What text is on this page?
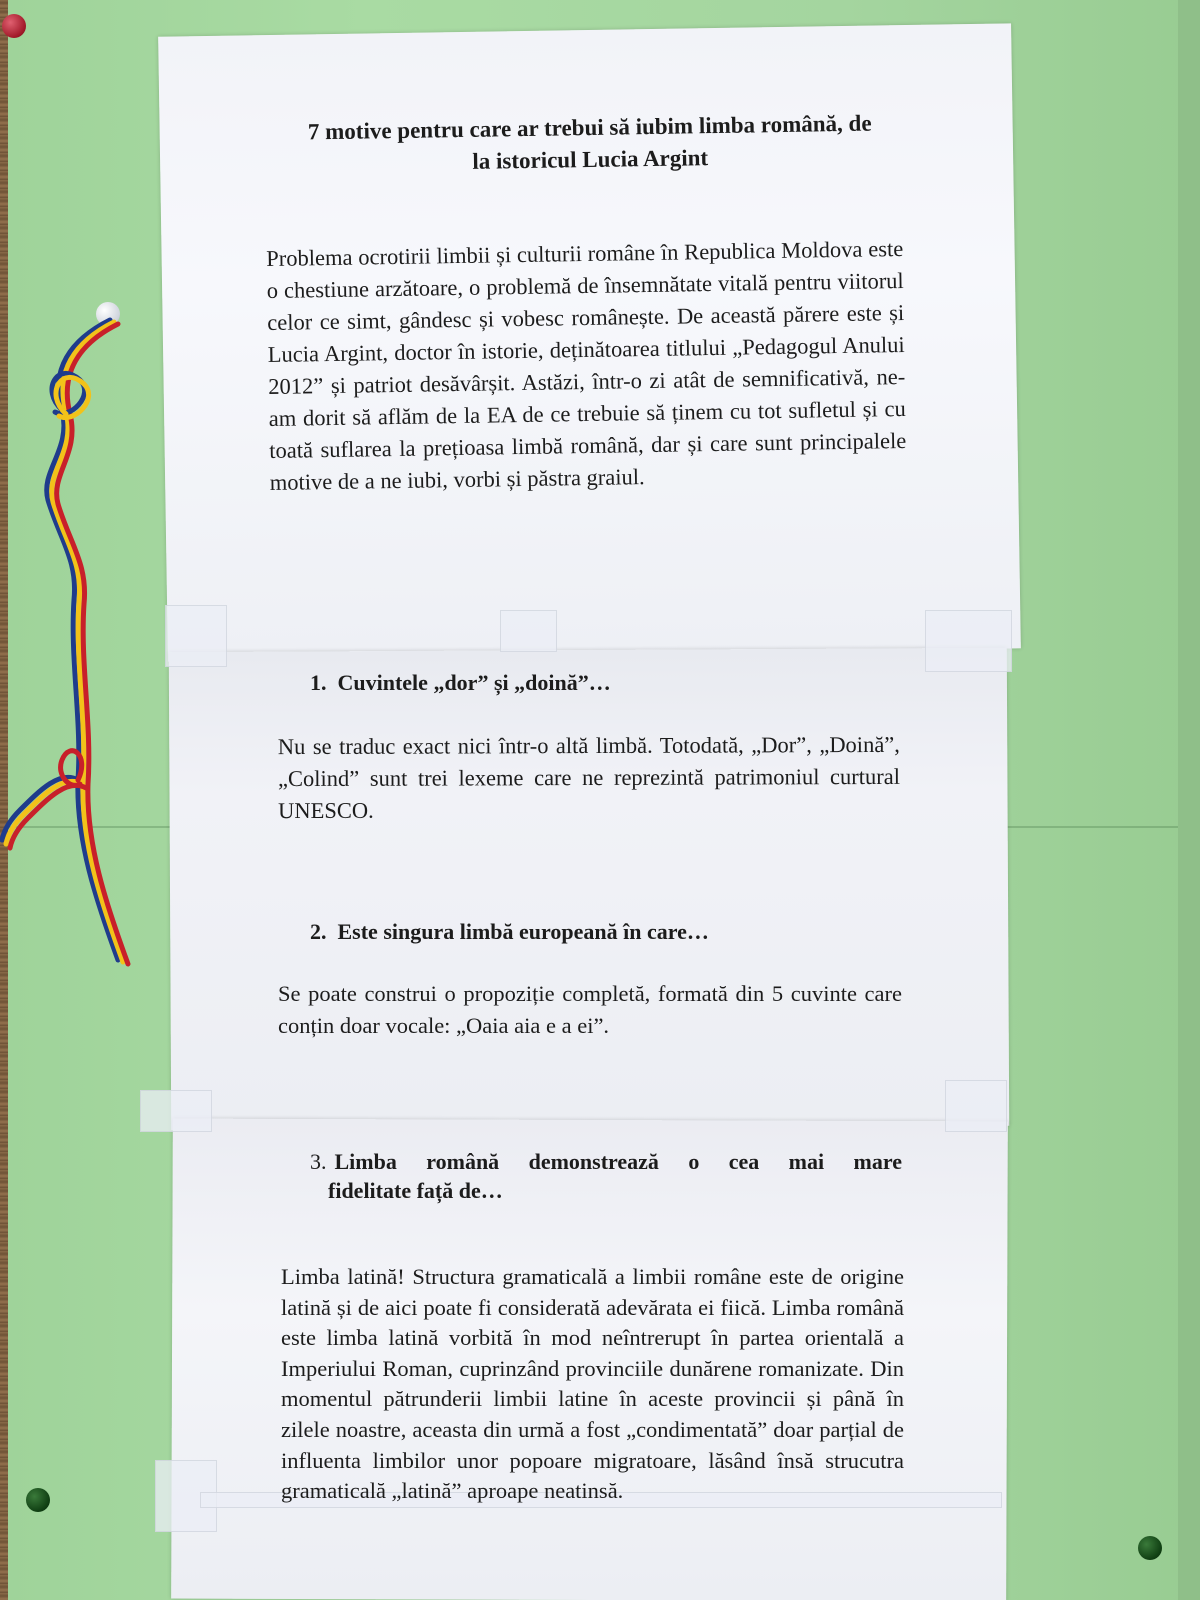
7 motive pentru care ar trebui să iubim limba română, de la istoricul Lucia Argint
Problema ocrotirii limbii și culturii române în Republica Moldova este o chestiune arzătoare, o problemă de însemnătate vitală pentru viitorul celor ce simt, gândesc și vobesc românește. De această părere este și Lucia Argint, doctor în istorie, deținătoarea titlului „Pedagogul Anului 2012” și patriot desăvârșit. Astăzi, într-o zi atât de semnificativă, ne-am dorit să aflăm de la EA de ce trebuie să ținem cu tot sufletul și cu toată suflarea la prețioasa limbă română, dar și care sunt principalele motive de a ne iubi, vorbi și păstra graiul.
1. Cuvintele „dor” și „doină”…
Nu se traduc exact nici într-o altă limbă. Totodată, „Dor”, „Doină”, „Colind” sunt trei lexeme care ne reprezintă patrimoniul curtural UNESCO.
2. Este singura limbă europeană în care…
Se poate construi o propoziție completă, formată din 5 cuvinte care conțin doar vocale: „Oaia aia e a ei”.
3. Limba română demonstrează o cea mai mare
fidelitate față de…
Limba latină! Structura gramaticală a limbii române este de origine latină și de aici poate fi considerată adevărata ei fiică. Limba română este limba latină vorbită în mod neîntrerupt în partea orientală a Imperiului Roman, cuprinzând provinciile dunărene romanizate. Din momentul pătrunderii limbii latine în aceste provincii și până în zilele noastre, aceasta din urmă a fost „condimentată” doar parțial de influenta limbilor unor popoare migratoare, lăsând însă strucutra gramaticală „latină” aproape neatinsă.
